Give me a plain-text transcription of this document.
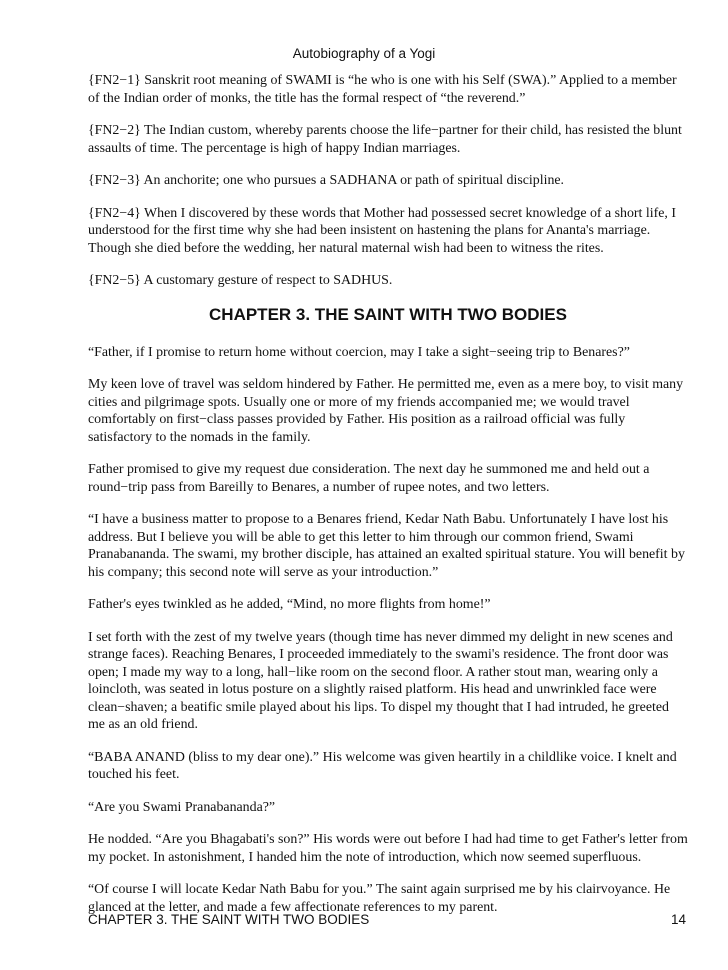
Autobiography of a Yogi

{FN2−1} Sanskrit root meaning of SWAMI is “he who is one with his Self (SWA).” Applied to a member of the Indian order of monks, the title has the formal respect of “the reverend.”

{FN2−2} The Indian custom, whereby parents choose the life−partner for their child, has resisted the blunt assaults of time. The percentage is high of happy Indian marriages.

{FN2−3} An anchorite; one who pursues a SADHANA or path of spiritual discipline.

{FN2−4} When I discovered by these words that Mother had possessed secret knowledge of a short life, I understood for the first time why she had been insistent on hastening the plans for Ananta's marriage. Though she died before the wedding, her natural maternal wish had been to witness the rites.

{FN2−5} A customary gesture of respect to SADHUS.

CHAPTER 3. THE SAINT WITH TWO BODIES

“Father, if I promise to return home without coercion, may I take a sight−seeing trip to Benares?”

My keen love of travel was seldom hindered by Father. He permitted me, even as a mere boy, to visit many cities and pilgrimage spots. Usually one or more of my friends accompanied me; we would travel comfortably on first−class passes provided by Father. His position as a railroad official was fully satisfactory to the nomads in the family.

Father promised to give my request due consideration. The next day he summoned me and held out a round−trip pass from Bareilly to Benares, a number of rupee notes, and two letters.

“I have a business matter to propose to a Benares friend, Kedar Nath Babu. Unfortunately I have lost his address. But I believe you will be able to get this letter to him through our common friend, Swami Pranabananda. The swami, my brother disciple, has attained an exalted spiritual stature. You will benefit by his company; this second note will serve as your introduction.”

Father's eyes twinkled as he added, “Mind, no more flights from home!”

I set forth with the zest of my twelve years (though time has never dimmed my delight in new scenes and strange faces). Reaching Benares, I proceeded immediately to the swami's residence. The front door was open; I made my way to a long, hall−like room on the second floor. A rather stout man, wearing only a loincloth, was seated in lotus posture on a slightly raised platform. His head and unwrinkled face were clean−shaven; a beatific smile played about his lips. To dispel my thought that I had intruded, he greeted me as an old friend.

“BABA ANAND (bliss to my dear one).” His welcome was given heartily in a childlike voice. I knelt and touched his feet.

“Are you Swami Pranabananda?”

He nodded. “Are you Bhagabati's son?” His words were out before I had had time to get Father's letter from my pocket. In astonishment, I handed him the note of introduction, which now seemed superfluous.

“Of course I will locate Kedar Nath Babu for you.” The saint again surprised me by his clairvoyance. He glanced at the letter, and made a few affectionate references to my parent.

CHAPTER 3. THE SAINT WITH TWO BODIES	14
